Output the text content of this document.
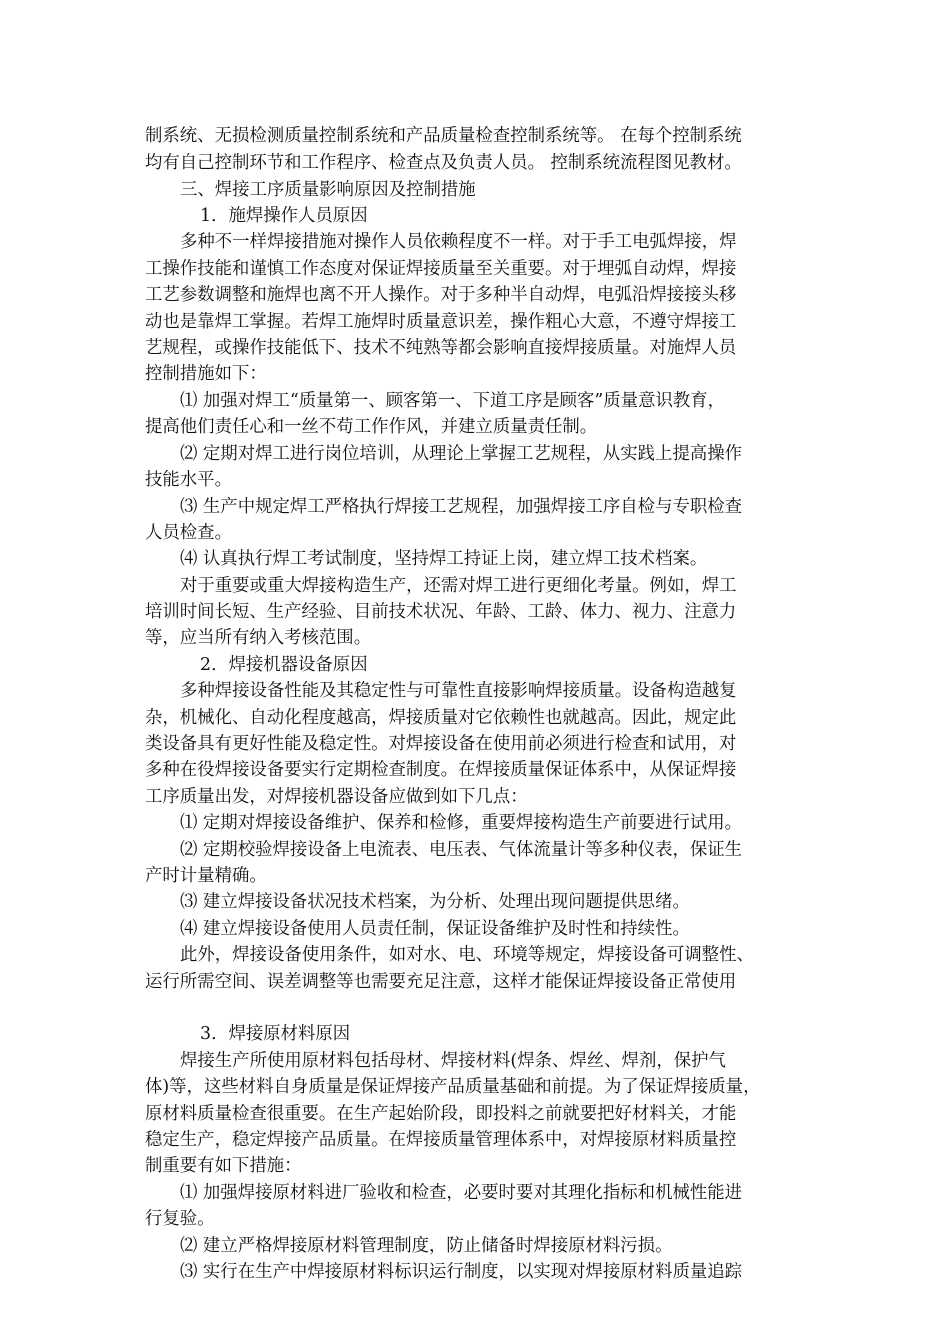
制系统、无损检测质量控制系统和产品质量检查控制系统等。 在每个控制系统
均有自己控制环节和工作程序、检查点及负责人员。 控制系统流程图见教材。
三、焊接工序质量影响原因及控制措施
1．施焊操作人员原因
多种不一样焊接措施对操作人员依赖程度不一样。对于手工电弧焊接，焊
工操作技能和谨慎工作态度对保证焊接质量至关重要。对于埋弧自动焊，焊接
工艺参数调整和施焊也离不开人操作。对于多种半自动焊，电弧沿焊接接头移
动也是靠焊工掌握。若焊工施焊时质量意识差，操作粗心大意，不遵守焊接工
艺规程，或操作技能低下、技术不纯熟等都会影响直接焊接质量。对施焊人员
控制措施如下：
⑴ 加强对焊工“质量第一、顾客第一、下道工序是顾客”质量意识教育，
提高他们责任心和一丝不苟工作作风，并建立质量责任制。
⑵ 定期对焊工进行岗位培训，从理论上掌握工艺规程，从实践上提高操作
技能水平。
⑶ 生产中规定焊工严格执行焊接工艺规程，加强焊接工序自检与专职检查
人员检查。
⑷ 认真执行焊工考试制度，坚持焊工持证上岗，建立焊工技术档案。
对于重要或重大焊接构造生产，还需对焊工进行更细化考量。例如，焊工
培训时间长短、生产经验、目前技术状况、年龄、工龄、体力、视力、注意力
等，应当所有纳入考核范围。
2．焊接机器设备原因
多种焊接设备性能及其稳定性与可靠性直接影响焊接质量。设备构造越复
杂，机械化、自动化程度越高，焊接质量对它依赖性也就越高。因此，规定此
类设备具有更好性能及稳定性。对焊接设备在使用前必须进行检查和试用，对
多种在役焊接设备要实行定期检查制度。在焊接质量保证体系中，从保证焊接
工序质量出发，对焊接机器设备应做到如下几点：
⑴ 定期对焊接设备维护、保养和检修，重要焊接构造生产前要进行试用。
⑵ 定期校验焊接设备上电流表、电压表、气体流量计等多种仪表，保证生
产时计量精确。
⑶ 建立焊接设备状况技术档案，为分析、处理出现问题提供思绪。
⑷ 建立焊接设备使用人员责任制，保证设备维护及时性和持续性。
此外，焊接设备使用条件，如对水、电、环境等规定，焊接设备可调整性、
运行所需空间、误差调整等也需要充足注意，这样才能保证焊接设备正常使用
3．焊接原材料原因
焊接生产所使用原材料包括母材、焊接材料(焊条、焊丝、焊剂，保护气
体)等，这些材料自身质量是保证焊接产品质量基础和前提。为了保证焊接质量，
原材料质量检查很重要。在生产起始阶段，即投料之前就要把好材料关，才能
稳定生产，稳定焊接产品质量。在焊接质量管理体系中，对焊接原材料质量控
制重要有如下措施：
⑴ 加强焊接原材料进厂验收和检查，必要时要对其理化指标和机械性能进
行复验。
⑵ 建立严格焊接原材料管理制度，防止储备时焊接原材料污损。
⑶ 实行在生产中焊接原材料标识运行制度，以实现对焊接原材料质量追踪
